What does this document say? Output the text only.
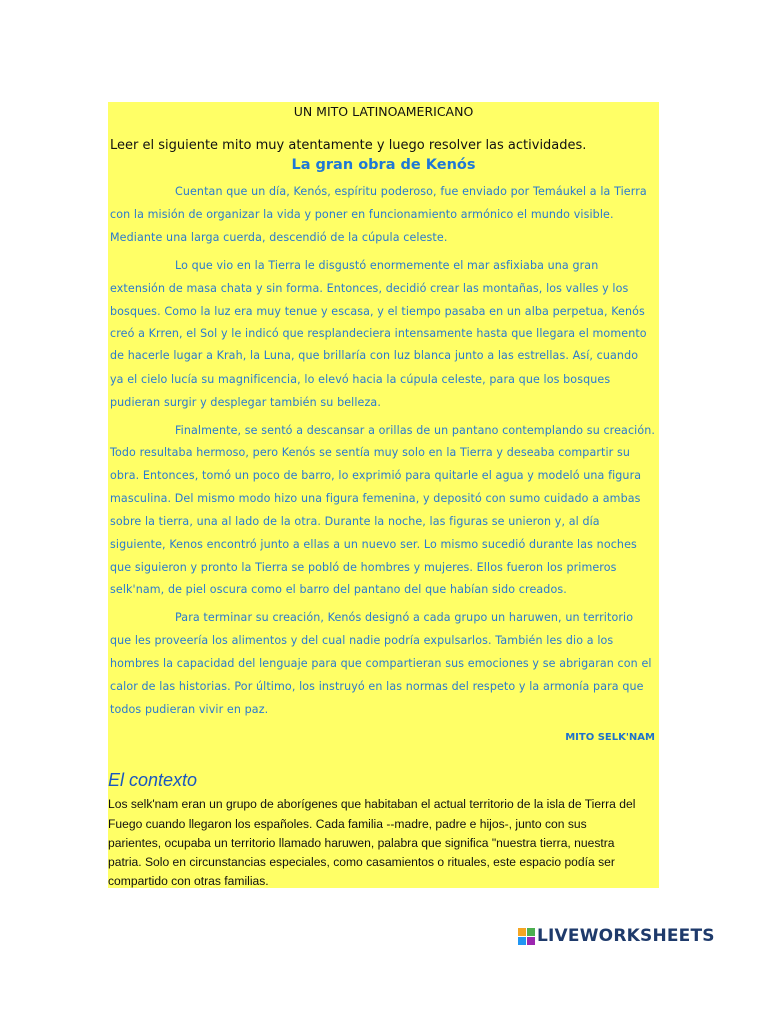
UN MITO LATINOAMERICANO
Leer el siguiente mito muy atentamente y luego resolver las actividades.
La gran obra de Kenós
Cuentan que un día, Kenós, espíritu poderoso, fue enviado por Temáukel a la Tierra
con la misión de organizar la vida y poner en funcionamiento armónico el mundo visible.
Mediante una larga cuerda, descendió de la cúpula celeste.
Lo que vio en la Tierra le disgustó enormemente el mar asfixiaba una gran
extensión de masa chata y sin forma. Entonces, decidió crear las montañas, los valles y los
bosques. Como la luz era muy tenue y escasa, y el tiempo pasaba en un alba perpetua, Kenós
creó a Krren, el Sol y le indicó que resplandeciera intensamente hasta que llegara el momento
de hacerle lugar a Krah, la Luna, que brillaría con luz blanca junto a las estrellas. Así, cuando
ya el cielo lucía su magnificencia, lo elevó hacia la cúpula celeste, para que los bosques
pudieran surgir y desplegar también su belleza.
Finalmente, se sentó a descansar a orillas de un pantano contemplando su creación.
Todo resultaba hermoso, pero Kenós se sentía muy solo en la Tierra y deseaba compartir su
obra. Entonces, tomó un poco de barro, lo exprimió para quitarle el agua y modeló una figura
masculina. Del mismo modo hizo una figura femenina, y depositó con sumo cuidado a ambas
sobre la tierra, una al lado de la otra. Durante la noche, las figuras se unieron y, al día
siguiente, Kenos encontró junto a ellas a un nuevo ser. Lo mismo sucedió durante las noches
que siguieron y pronto la Tierra se pobló de hombres y mujeres. Ellos fueron los primeros
selk'nam, de piel oscura como el barro del pantano del que habían sido creados.
Para terminar su creación, Kenós designó a cada grupo un haruwen, un territorio
que les proveería los alimentos y del cual nadie podría expulsarlos. También les dio a los
hombres la capacidad del lenguaje para que compartieran sus emociones y se abrigaran con el
calor de las historias. Por último, los instruyó en las normas del respeto y la armonía para que
todos pudieran vivir en paz.
MITO SELK'NAM
El contexto
Los selk'nam eran un grupo de aborígenes que habitaban el actual territorio de la isla de Tierra del
Fuego cuando llegaron los españoles. Cada familia --madre, padre e hijos-, junto con sus
parientes, ocupaba un territorio llamado haruwen, palabra que significa "nuestra tierra, nuestra
patria. Solo en circunstancias especiales, como casamientos o rituales, este espacio podía ser
compartido con otras familias.
LIVEWORKSHEETS
